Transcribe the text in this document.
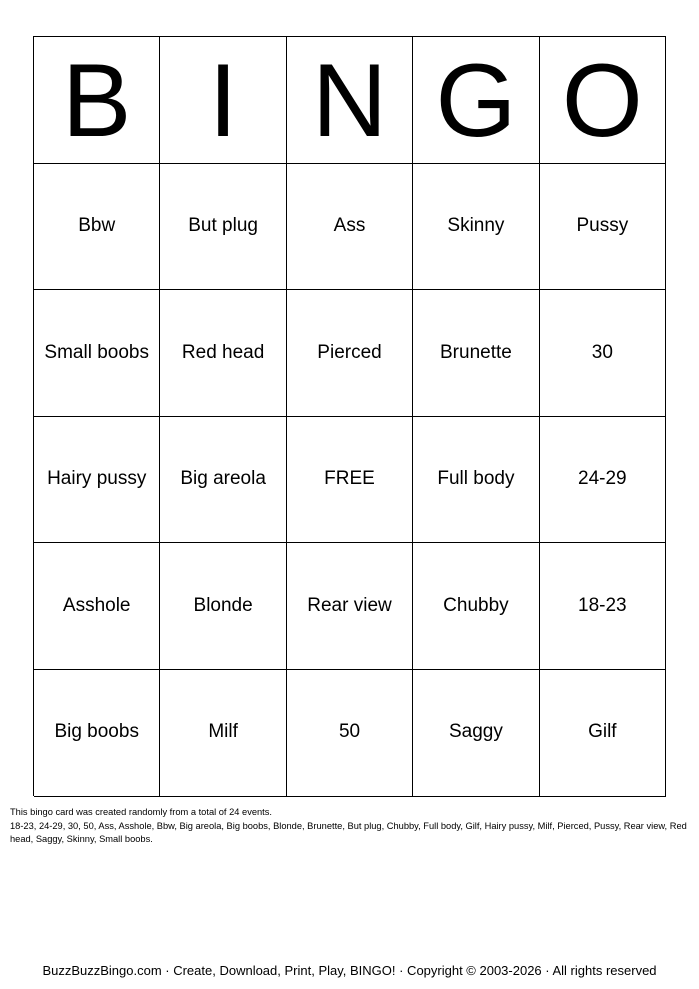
B I N G O
Bbw	But plug	Ass	Skinny	Pussy
Small boobs	Red head	Pierced	Brunette	30
Hairy pussy	Big areola	FREE	Full body	24-29
Asshole	Blonde	Rear view	Chubby	18-23
Big boobs	Milf	50	Saggy	Gilf
This bingo card was created randomly from a total of 24 events.
18-23, 24-29, 30, 50, Ass, Asshole, Bbw, Big areola, Big boobs, Blonde, Brunette, But plug, Chubby, Full body, Gilf, Hairy pussy, Milf, Pierced, Pussy, Rear view, Red head, Saggy, Skinny, Small boobs.
BuzzBuzzBingo.com · Create, Download, Print, Play, BINGO! · Copyright © 2003-2026 · All rights reserved
